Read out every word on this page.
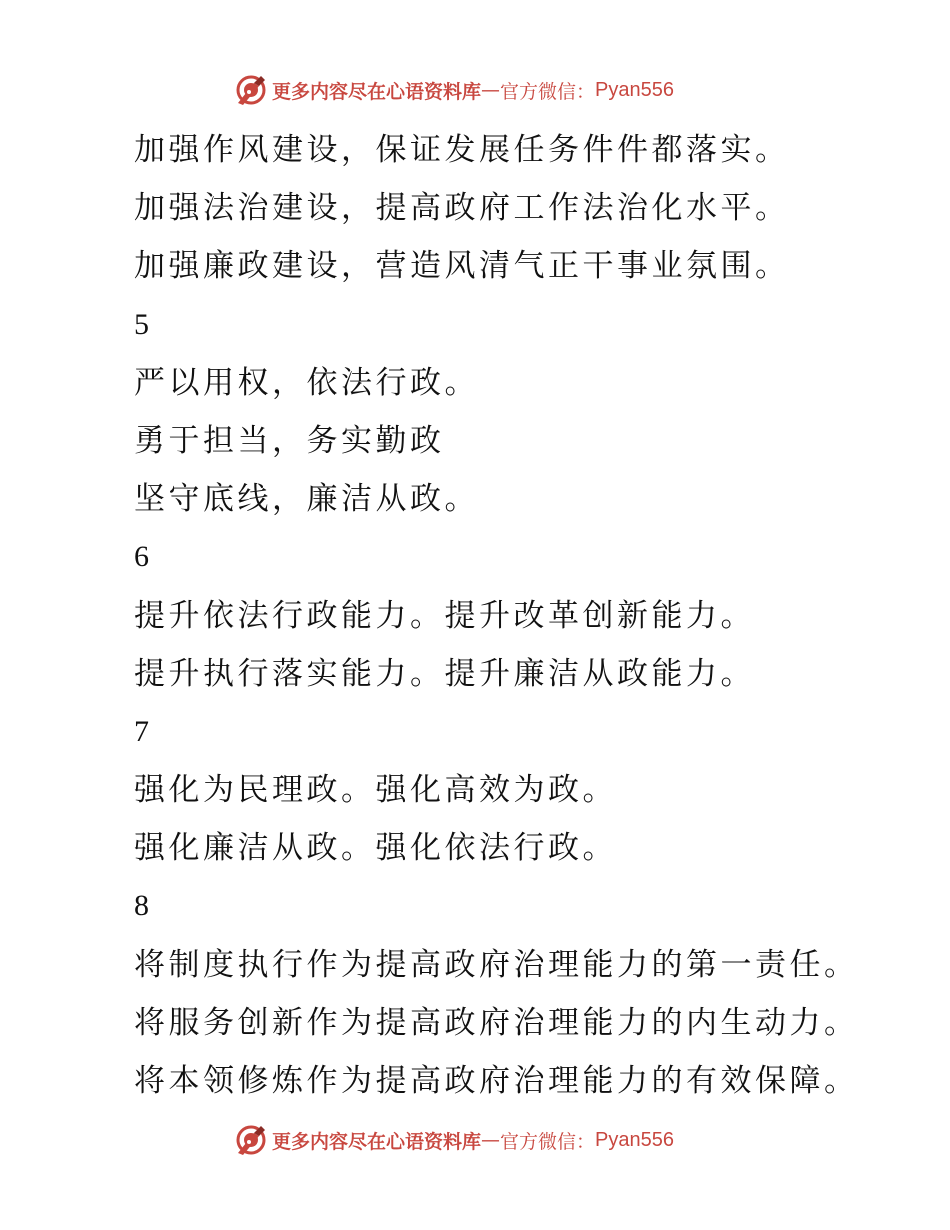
更多内容尽在心语资料库 — 官方微信： Pyan556
加强作风建设，保证发展任务件件都落实。
加强法治建设，提高政府工作法治化水平。
加强廉政建设，营造风清气正干事业氛围。
5
严以用权，依法行政。
勇于担当，务实勤政
坚守底线，廉洁从政。
6
提升依法行政能力。提升改革创新能力。
提升执行落实能力。提升廉洁从政能力。
7
强化为民理政。强化高效为政。
强化廉洁从政。强化依法行政。
8
将制度执行作为提高政府治理能力的第一责任。
将服务创新作为提高政府治理能力的内生动力。
将本领修炼作为提高政府治理能力的有效保障。
更多内容尽在心语资料库 — 官方微信： Pyan556
